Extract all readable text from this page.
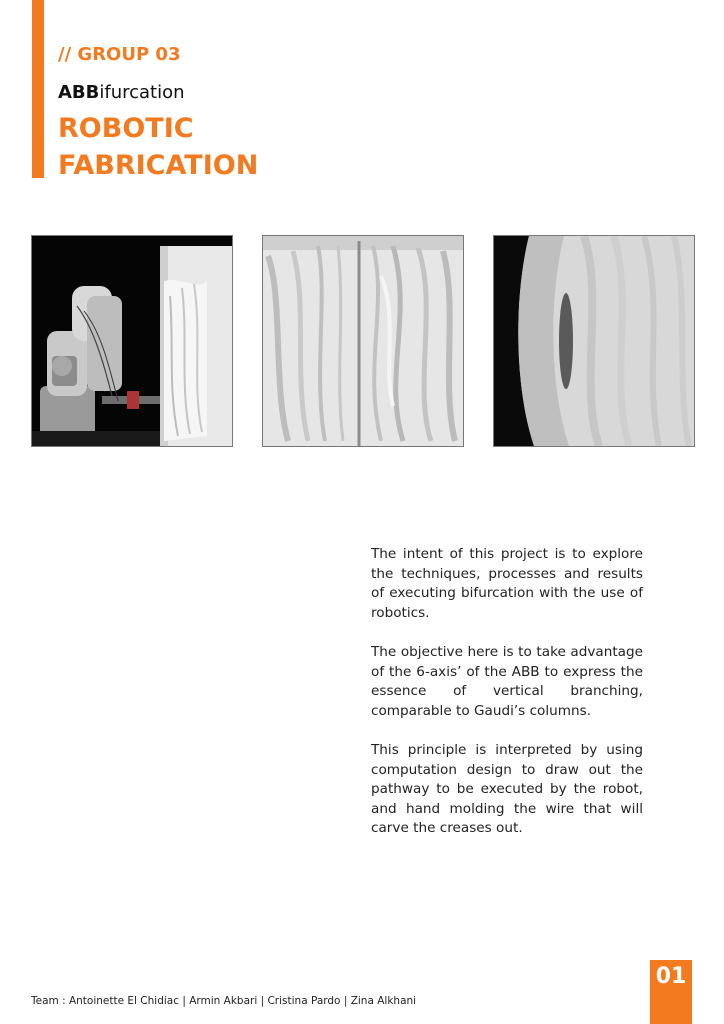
// GROUP 03
ABBifurcation
ROBOTIC
FABRICATION

The intent of this project is to explore the techniques, processes and results of executing bifurcation with the use of robotics.

The objective here is to take advantage of the 6-axis’ of the ABB to express the essence of vertical branching, comparable to Gaudi’s columns.

This principle is interpreted by using computation design to draw out the pathway to be executed by the robot, and hand molding the wire that will carve the creases out.

Team : Antoinette El Chidiac | Armin Akbari | Cristina Pardo | Zina Alkhani
01
